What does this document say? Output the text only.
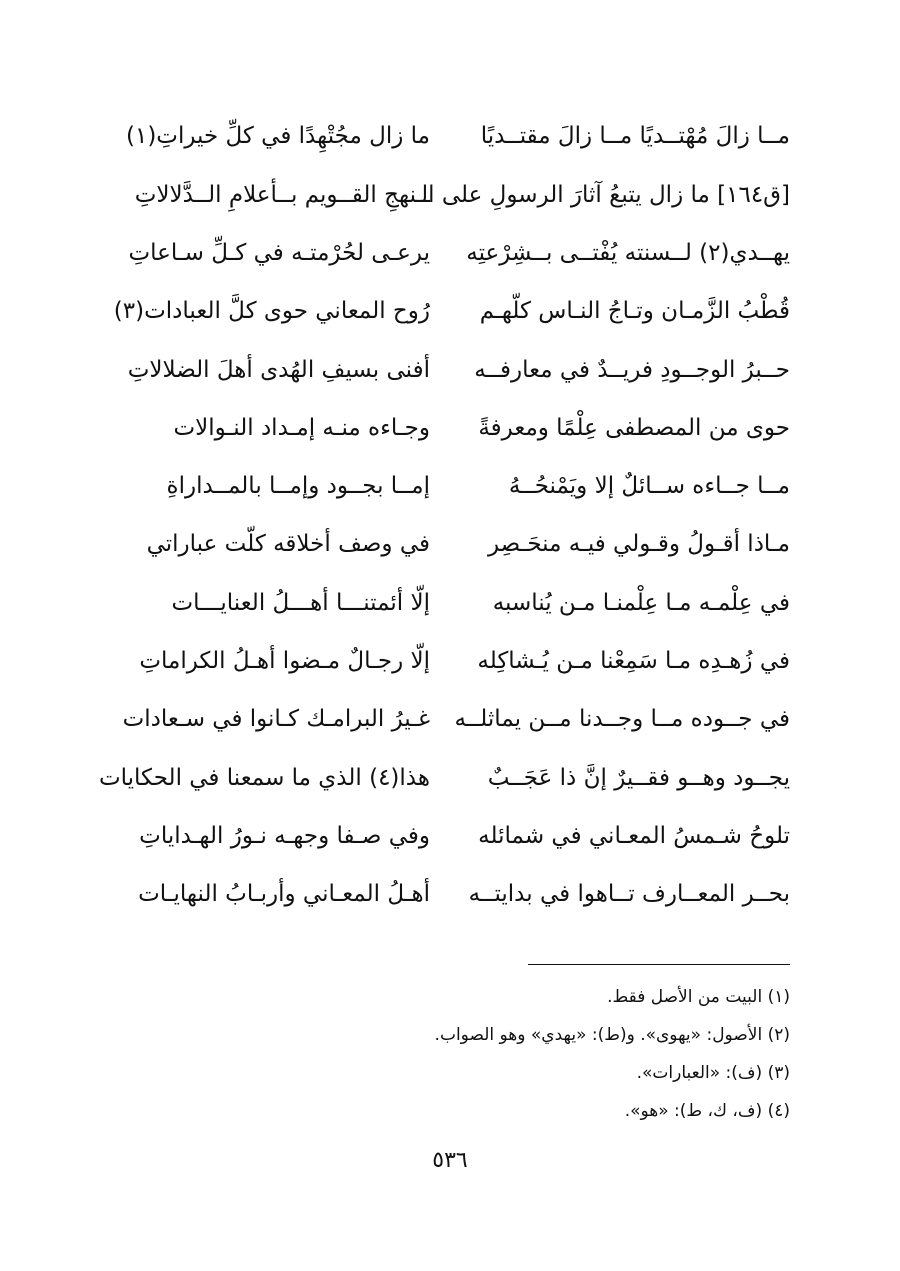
مــا زالَ مُهْتــديًا مــا زالَ مقتــديًا
ما زال مجُتْهِدًا في كلِّ خيراتِ(١)
[ق١٦٤] ما زال يتبعُ آثارَ الرسولِ على الـ
ــنهجِ القــويم بــأعلامِ الــدَّلالاتِ
يهــدي(٢) لــسنته يُفْتــى بــشِرْعتِه
يرعـى لحُرْمتـه في كـلِّ سـاعاتِ
قُطْبُ الزَّمـان وتـاجُ النـاس كلّهـم
رُوح المعاني حوى كلَّ العبادات(٣)
حــبرُ الوجــودِ فريــدٌ في معارفــه
أفنى بسيفِ الهُدى أهلَ الضلالاتِ
حوى من المصطفى عِلْمًا ومعرفةً
وجـاءه منـه إمـداد النـوالات
مــا جــاءه ســائلٌ إلا ويَمْنحُــهُ
إمــا بجــود وإمــا بالمــداراةِ
مـاذا أقـولُ وقـولي فيـه منحَـصِر
في وصف أخلاقه كلّت عباراتي
في عِلْمـه مـا عِلْمنـا مـن يُناسبه
إلّا أئمتنـــا أهـــلُ العنايـــات
في زُهـدِه مـا سَمِعْنا مـن يُـشاكِله
إلّا رجـالٌ مـضوا أهـلُ الكراماتِ
في جــوده مــا وجــدنا مــن يماثلــه
غـيرُ البرامـك كـانوا في سـعادات
يجــود وهــو فقــيرٌ إنَّ ذا عَجَــبٌ
هذا(٤) الذي ما سمعنا في الحكايات
تلوحُ شـمسُ المعـاني في شمائله
وفي صـفا وجهـه نـورُ الهـداياتِ
بحــر المعــارف تــاهوا في بدايتــه
أهـلُ المعـاني وأربـابُ النهايـات
(١) البيت من الأصل فقط.
(٢) الأصول: «يهوى». و(ط): «يهدي» وهو الصواب.
(٣) (ف): «العبارات».
(٤) (ف، ك، ط): «هو».
٥٣٦
